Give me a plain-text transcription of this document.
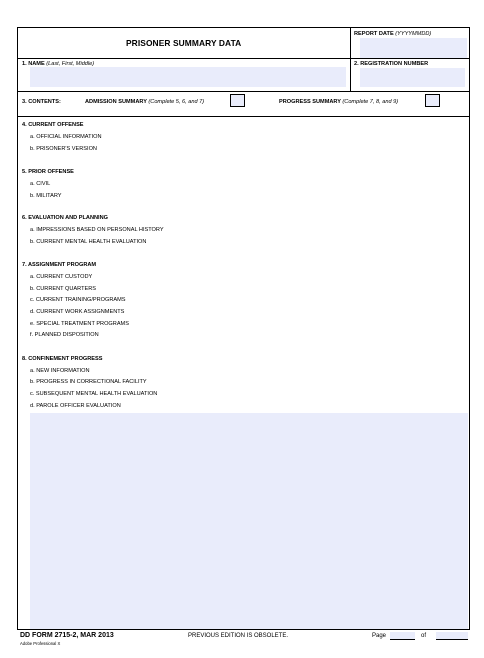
PRISONER SUMMARY DATA
REPORT DATE (YYYYMMDD)
1. NAME (Last, First, Middle)	2. REGISTRATION NUMBER
3. CONTENTS:	ADMISSION SUMMARY (Complete 5, 6, and 7)	PROGRESS SUMMARY (Complete 7, 8, and 9)
4. CURRENT OFFENSE
a. OFFICIAL INFORMATION
b. PRISONER'S VERSION
5. PRIOR OFFENSE
a. CIVIL
b. MILITARY
6. EVALUATION AND PLANNING
a. IMPRESSIONS BASED ON PERSONAL HISTORY
b. CURRENT MENTAL HEALTH EVALUATION
7. ASSIGNMENT PROGRAM
a. CURRENT CUSTODY
b. CURRENT QUARTERS
c. CURRENT TRAINING/PROGRAMS
d. CURRENT WORK ASSIGNMENTS
e. SPECIAL TREATMENT PROGRAMS
f. PLANNED DISPOSITION
8. CONFINEMENT PROGRESS
a. NEW INFORMATION
b. PROGRESS IN CORRECTIONAL FACILITY
c. SUBSEQUENT MENTAL HEALTH EVALUATION
d. PAROLE OFFICER EVALUATION
DD FORM 2715-2, MAR 2013
Adobe Professional X
PREVIOUS EDITION IS OBSOLETE.	Page	of
